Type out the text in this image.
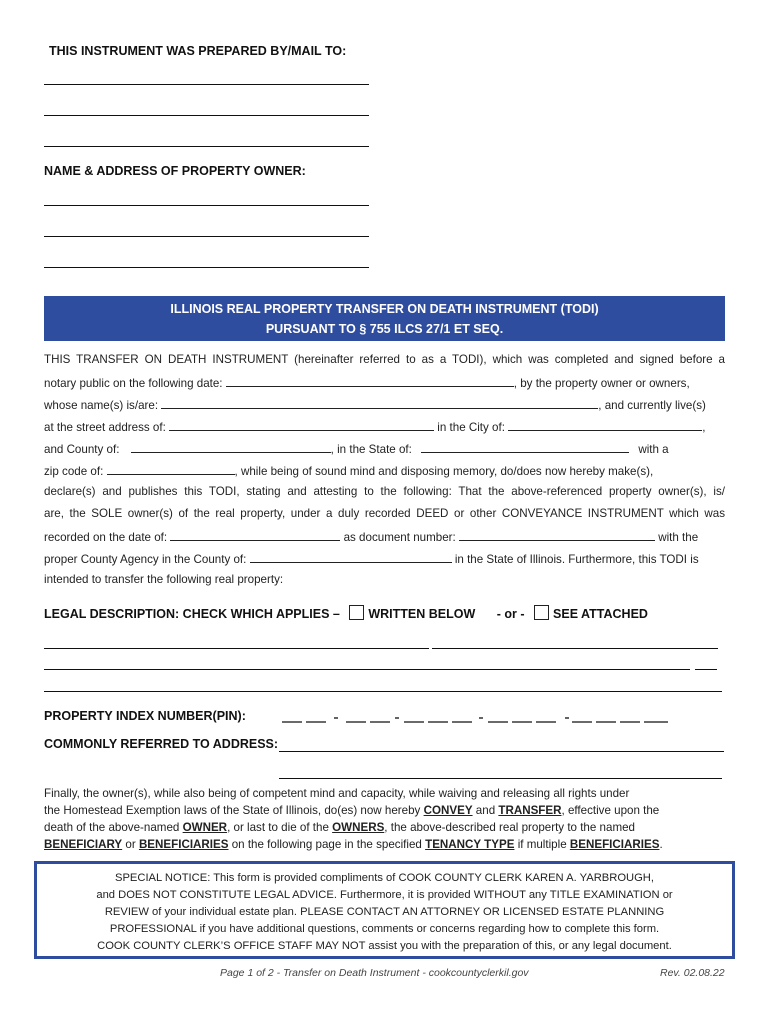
THIS INSTRUMENT WAS PREPARED BY/MAIL TO:
NAME & ADDRESS OF PROPERTY OWNER:
ILLINOIS REAL PROPERTY TRANSFER ON DEATH INSTRUMENT (TODI)
PURSUANT TO § 755 ILCS 27/1 ET SEQ.
THIS TRANSFER ON DEATH INSTRUMENT (hereinafter referred to as a TODI), which was completed and signed before a
notary public on the following date:	, by the property owner or owners,
whose name(s) is/are:	, and currently live(s)
at the street address of:	in the City of:	,
and County of:	, in the State of:	with a
zip code of:	, while being of sound mind and disposing memory, do/does now hereby make(s),
declare(s) and publishes this TODI, stating and attesting to the following: That the above-referenced property owner(s), is/
are, the SOLE owner(s) of the real property, under a duly recorded DEED or other CONVEYANCE INSTRUMENT which was
recorded on the date of:	as document number:	with the
proper County Agency in the County of:	in the State of Illinois. Furthermore, this TODI is
intended to transfer the following real property:
LEGAL DESCRIPTION: CHECK WHICH APPLIES – WRITTEN BELOW - or - SEE ATTACHED
PROPERTY INDEX NUMBER(PIN):
COMMONLY REFERRED TO ADDRESS:
Finally, the owner(s), while also being of competent mind and capacity, while waiving and releasing all rights under
the Homestead Exemption laws of the State of Illinois, do(es) now hereby CONVEY and TRANSFER, effective upon the
death of the above-named OWNER, or last to die of the OWNERS, the above-described real property to the named
BENEFICIARY or BENEFICIARIES on the following page in the specified TENANCY TYPE if multiple BENEFICIARIES.
SPECIAL NOTICE: This form is provided compliments of COOK COUNTY CLERK KAREN A. YARBROUGH,
and DOES NOT CONSTITUTE LEGAL ADVICE. Furthermore, it is provided WITHOUT any TITLE EXAMINATION or
REVIEW of your individual estate plan. PLEASE CONTACT AN ATTORNEY OR LICENSED ESTATE PLANNING
PROFESSIONAL if you have additional questions, comments or concerns regarding how to complete this form.
COOK COUNTY CLERK’S OFFICE STAFF MAY NOT assist you with the preparation of this, or any legal document.
Page 1 of 2 - Transfer on Death Instrument - cookcountyclerkil.gov	Rev. 02.08.22
